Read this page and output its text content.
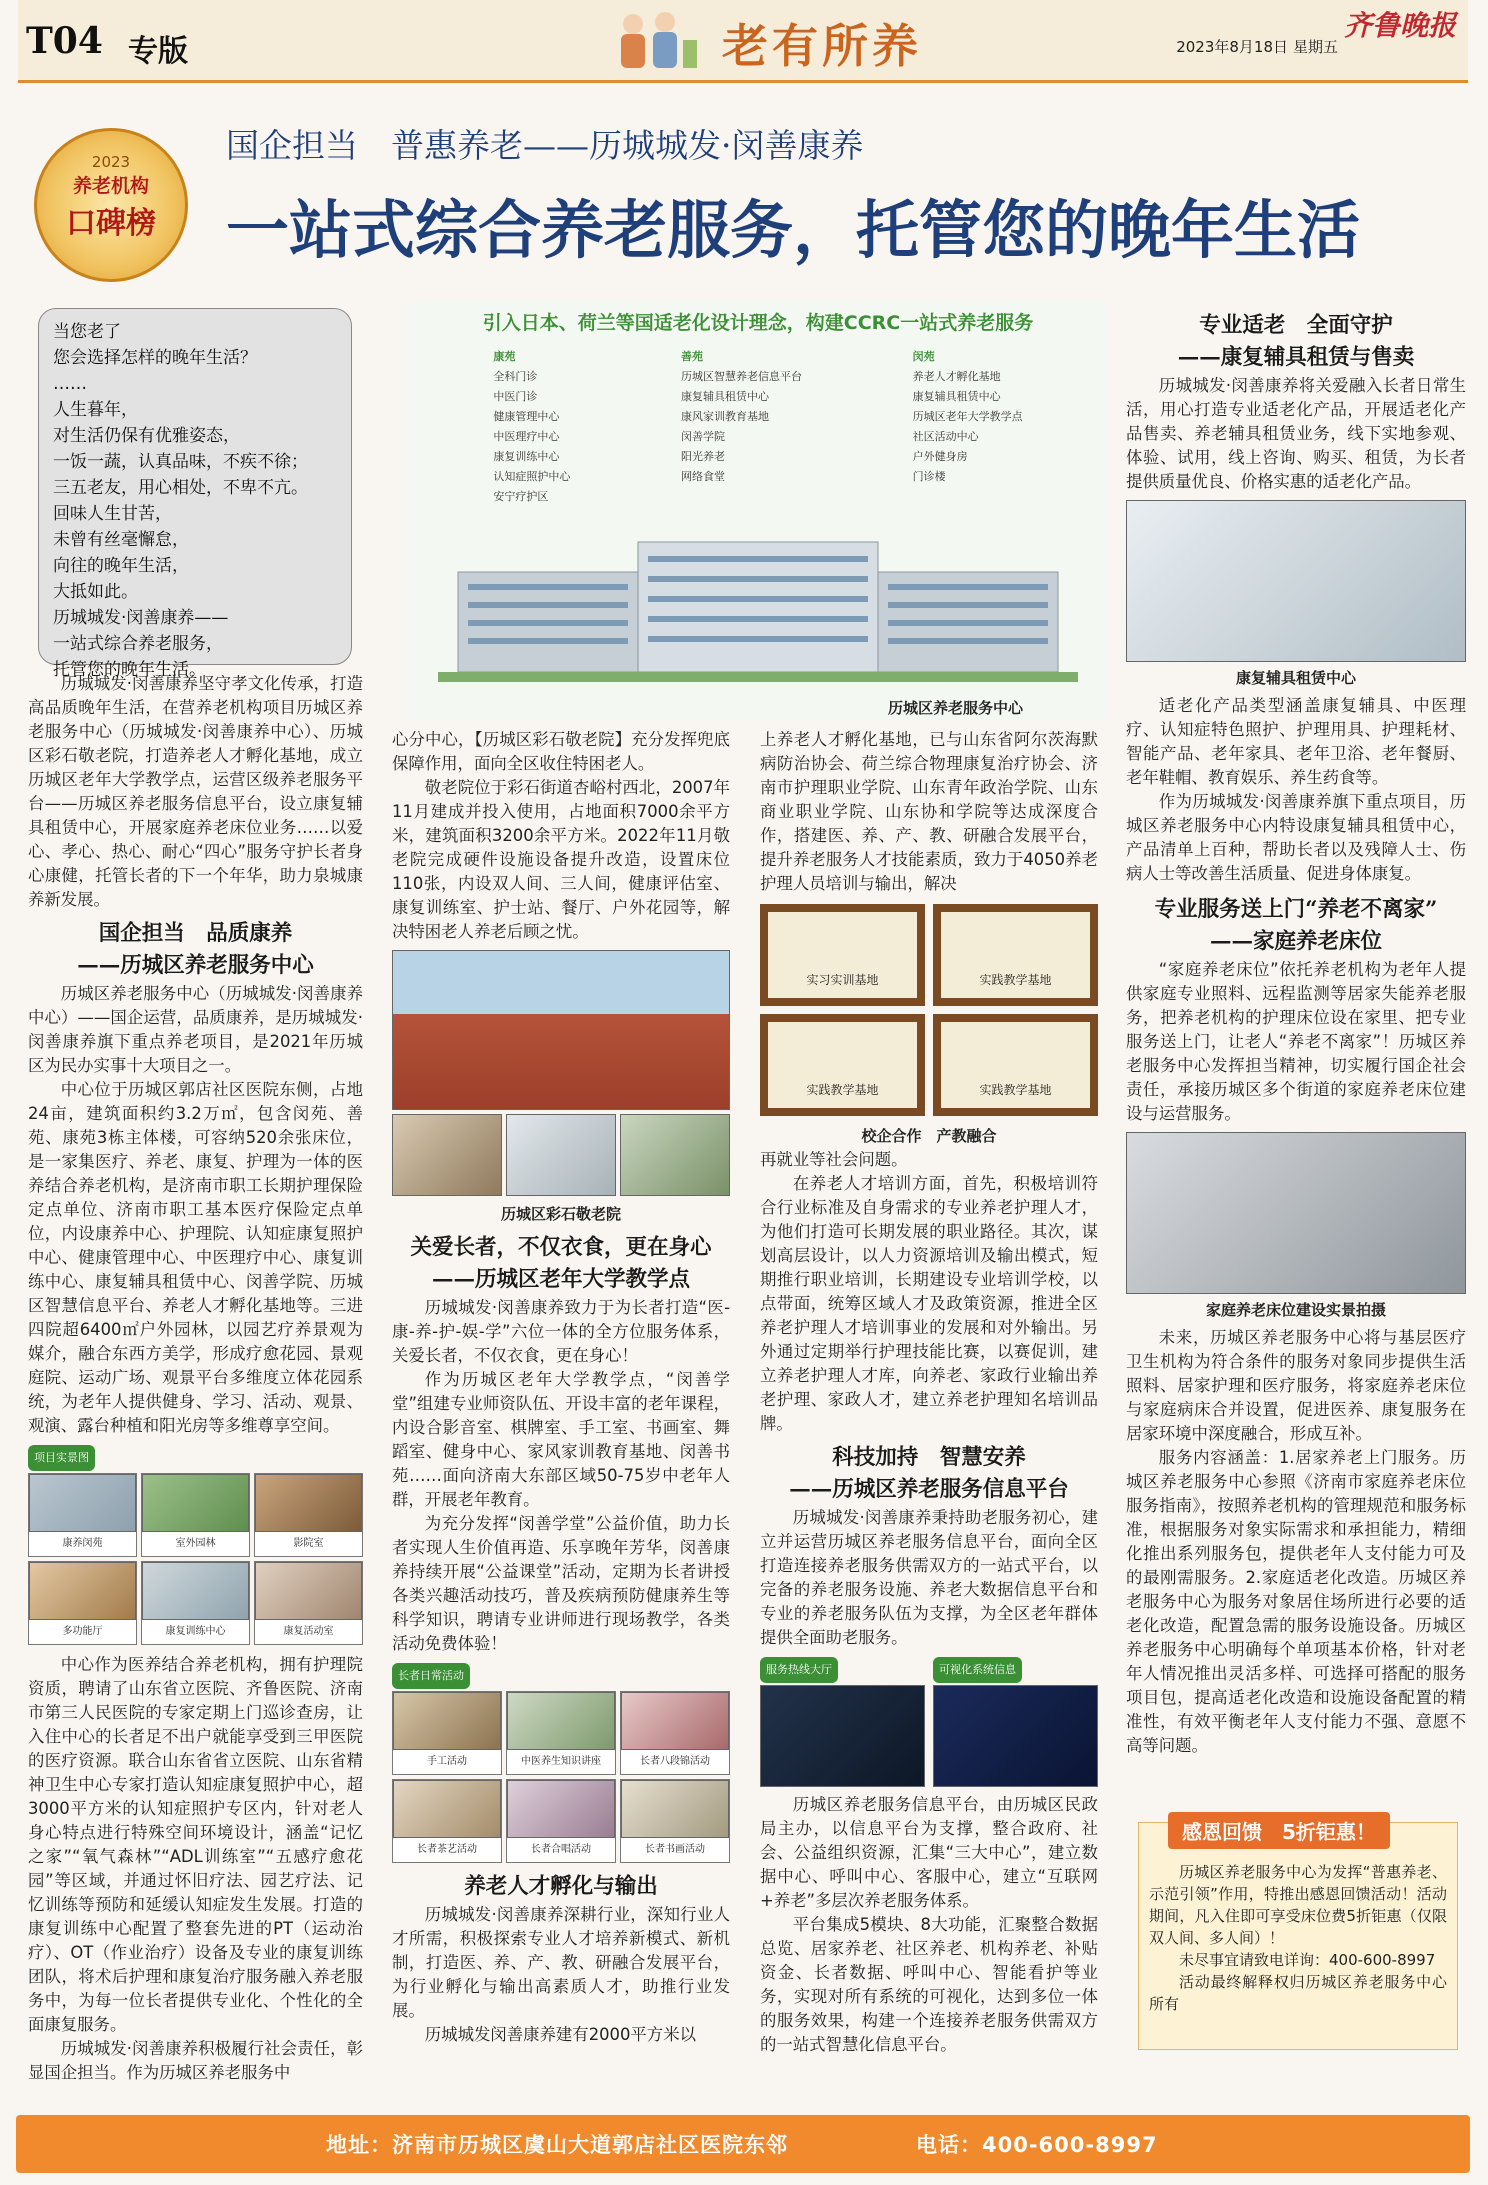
T04 专版	老有所养	2023年8月18日 星期五
齐鲁晚报
2023
养老机构
口碑榜
国企担当　普惠养老——历城城发·闵善康养
一站式综合养老服务，托管您的晚年生活

当您老了

您会选择怎样的晚年生活？

……

人生暮年，

对生活仍保有优雅姿态，

一饭一蔬，认真品味，不疾不徐；

三五老友，用心相处，不卑不亢。

回味人生甘苦，

未曾有丝毫懈怠，

向往的晚年生活，

大抵如此。

历城城发·闵善康养——

一站式综合养老服务，

托管您的晚年生活。

历城城发·闵善康养坚守孝文化传承，打造高品质晚年生活，在营养老机构项目历城区养老服务中心（历城城发·闵善康养中心）、历城区彩石敬老院，打造养老人才孵化基地，成立历城区老年大学教学点，运营区级养老服务平台——历城区养老服务信息平台，设立康复辅具租赁中心，开展家庭养老床位业务……以爱心、孝心、热心、耐心“四心”服务守护长者身心康健，托管长者的下一个年华，助力泉城康养新发展。

国企担当　品质康养
——历城区养老服务中心

历城区养老服务中心（历城城发·闵善康养中心）——国企运营，品质康养，是历城城发·闵善康养旗下重点养老项目，是2021年历城区为民办实事十大项目之一。

中心位于历城区郭店社区医院东侧，占地24亩，建筑面积约3.2万㎡，包含闵苑、善苑、康苑3栋主体楼，可容纳520余张床位，是一家集医疗、养老、康复、护理为一体的医养结合养老机构，是济南市职工长期护理保险定点单位、济南市职工基本医疗保险定点单位，内设康养中心、护理院、认知症康复照护中心、健康管理中心、中医理疗中心、康复训练中心、康复辅具租赁中心、闵善学院、历城区智慧信息平台、养老人才孵化基地等。三进四院超6400㎡户外园林，以园艺疗养景观为媒介，融合东西方美学，形成疗愈花园、景观庭院、运动广场、观景平台多维度立体花园系统，为老年人提供健身、学习、活动、观景、观演、露台种植和阳光房等多维尊享空间。

项目实景图
康养闵苑	室外园林	影院室
多功能厅	康复训练中心	康复活动室

中心作为医养结合养老机构，拥有护理院资质，聘请了山东省立医院、齐鲁医院、济南市第三人民医院的专家定期上门巡诊查房，让入住中心的长者足不出户就能享受到三甲医院的医疗资源。联合山东省省立医院、山东省精神卫生中心专家打造认知症康复照护中心，超3000平方米的认知症照护专区内，针对老人身心特点进行特殊空间环境设计，涵盖“记忆之家”“氧气森林”“ADL训练室”“五感疗愈花园”等区域，并通过怀旧疗法、园艺疗法、记忆训练等预防和延缓认知症发生发展。打造的康复训练中心配置了整套先进的PT（运动治疗）、OT（作业治疗）设备及专业的康复训练团队，将术后护理和康复治疗服务融入养老服务中，为每一位长者提供专业化、个性化的全面康复服务。

历城城发·闵善康养积极履行社会责任，彰显国企担当。作为历城区养老服务中

引入日本、荷兰等国适老化设计理念，构建CCRC一站式养老服务
康苑
全科门诊
中医门诊
健康管理中心
中医理疗中心
康复训练中心
认知症照护中心
安宁疗护区
善苑
历城区智慧养老信息平台
康复辅具租赁中心
康风家训教育基地
闵善学院
阳光养老
网络食堂
闵苑
养老人才孵化基地
康复辅具租赁中心
历城区老年大学教学点
社区活动中心
户外健身房
门诊楼
历城区养老服务中心

心分中心，【历城区彩石敬老院】充分发挥兜底保障作用，面向全区收住特困老人。

敬老院位于彩石街道杏峪村西北，2007年11月建成并投入使用，占地面积7000余平方米，建筑面积3200余平方米。2022年11月敬老院完成硬件设施设备提升改造，设置床位110张，内设双人间、三人间，健康评估室、康复训练室、护士站、餐厅、户外花园等，解决特困老人养老后顾之忧。

历城区彩石敬老院
关爱长者，不仅衣食，更在身心
——历城区老年大学教学点

历城城发·闵善康养致力于为长者打造“医-康-养-护-娱-学”六位一体的全方位服务体系，关爱长者，不仅衣食，更在身心！

作为历城区老年大学教学点，“闵善学堂”组建专业师资队伍、开设丰富的老年课程，内设合影音室、棋牌室、手工室、书画室、舞蹈室、健身中心、家风家训教育基地、闵善书苑……面向济南大东部区域50-75岁中老年人群，开展老年教育。

为充分发挥“闵善学堂”公益价值，助力长者实现人生价值再造、乐享晚年芳华，闵善康养持续开展“公益课堂”活动，定期为长者讲授各类兴趣活动技巧，普及疾病预防健康养生等科学知识，聘请专业讲师进行现场教学，各类活动免费体验！

长者日常活动
手工活动	中医养生知识讲座	长者八段锦活动
长者茶艺活动	长者合唱活动	长者书画活动
养老人才孵化与输出

历城城发·闵善康养深耕行业，深知行业人才所需，积极探索专业人才培养新模式、新机制，打造医、养、产、教、研融合发展平台，为行业孵化与输出高素质人才，助推行业发展。

历城城发闵善康养建有2000平方米以

上养老人才孵化基地，已与山东省阿尔茨海默病防治协会、荷兰综合物理康复治疗协会、济南市护理职业学院、山东青年政治学院、山东商业职业学院、山东协和学院等达成深度合作，搭建医、养、产、教、研融合发展平台，提升养老服务人才技能素质，致力于4050养老护理人员培训与输出，解决

实习实训基地	实践教学基地
实践教学基地	实践教学基地
校企合作　产教融合

再就业等社会问题。

在养老人才培训方面，首先，积极培训符合行业标准及自身需求的专业养老护理人才，为他们打造可长期发展的职业路径。其次，谋划高层设计，以人力资源培训及输出模式，短期推行职业培训，长期建设专业培训学校，以点带面，统筹区域人才及政策资源，推进全区养老护理人才培训事业的发展和对外输出。另外通过定期举行护理技能比赛，以赛促训，建立养老护理人才库，向养老、家政行业输出养老护理、家政人才，建立养老护理知名培训品牌。

科技加持　智慧安养
——历城区养老服务信息平台

历城城发·闵善康养秉持助老服务初心，建立并运营历城区养老服务信息平台，面向全区打造连接养老服务供需双方的一站式平台，以完备的养老服务设施、养老大数据信息平台和专业的养老服务队伍为支撑，为全区老年群体提供全面助老服务。

服务热线大厅	可视化系统信息

历城区养老服务信息平台，由历城区民政局主办，以信息平台为支撑，整合政府、社会、公益组织资源，汇集“三大中心”，建立数据中心、呼叫中心、客服中心，建立“互联网+养老”多层次养老服务体系。

平台集成5模块、8大功能，汇聚整合数据总览、居家养老、社区养老、机构养老、补贴资金、长者数据、呼叫中心、智能看护等业务，实现对所有系统的可视化，达到多位一体的服务效果，构建一个连接养老服务供需双方的一站式智慧化信息平台。

专业适老　全面守护
——康复辅具租赁与售卖

历城城发·闵善康养将关爱融入长者日常生活，用心打造专业适老化产品，开展适老化产品售卖、养老辅具租赁业务，线下实地参观、体验、试用，线上咨询、购买、租赁，为长者提供质量优良、价格实惠的适老化产品。

康复辅具租赁中心

适老化产品类型涵盖康复辅具、中医理疗、认知症特色照护、护理用具、护理耗材、智能产品、老年家具、老年卫浴、老年餐厨、老年鞋帽、教育娱乐、养生药食等。

作为历城城发·闵善康养旗下重点项目，历城区养老服务中心内特设康复辅具租赁中心，产品清单上百种，帮助长者以及残障人士、伤病人士等改善生活质量、促进身体康复。

专业服务送上门“养老不离家”
——家庭养老床位

“家庭养老床位”依托养老机构为老年人提供家庭专业照料、远程监测等居家失能养老服务，把养老机构的护理床位设在家里、把专业服务送上门，让老人“养老不离家”！历城区养老服务中心发挥担当精神，切实履行国企社会责任，承接历城区多个街道的家庭养老床位建设与运营服务。

家庭养老床位建设实景拍摄

未来，历城区养老服务中心将与基层医疗卫生机构为符合条件的服务对象同步提供生活照料、居家护理和医疗服务，将家庭养老床位与家庭病床合并设置，促进医养、康复服务在居家环境中深度融合，形成互补。

服务内容涵盖：1.居家养老上门服务。历城区养老服务中心参照《济南市家庭养老床位服务指南》，按照养老机构的管理规范和服务标准，根据服务对象实际需求和承担能力，精细化推出系列服务包，提供老年人支付能力可及的最刚需服务。2.家庭适老化改造。历城区养老服务中心为服务对象居住场所进行必要的适老化改造，配置急需的服务设施设备。历城区养老服务中心明确每个单项基本价格，针对老年人情况推出灵活多样、可选择可搭配的服务项目包，提高适老化改造和设施设备配置的精准性，有效平衡老年人支付能力不强、意愿不高等问题。

历城区养老服务中心为发挥“普惠养老、示范引领”作用，特推出感恩回馈活动！活动期间，凡入住即可享受床位费5折钜惠（仅限双人间、多人间）！

未尽事宜请致电详询：400-600-8997

活动最终解释权归历城区养老服务中心所有

感恩回馈　5折钜惠！
地址：济南市历城区虞山大道郭店社区医院东邻	电话：400-600-8997
